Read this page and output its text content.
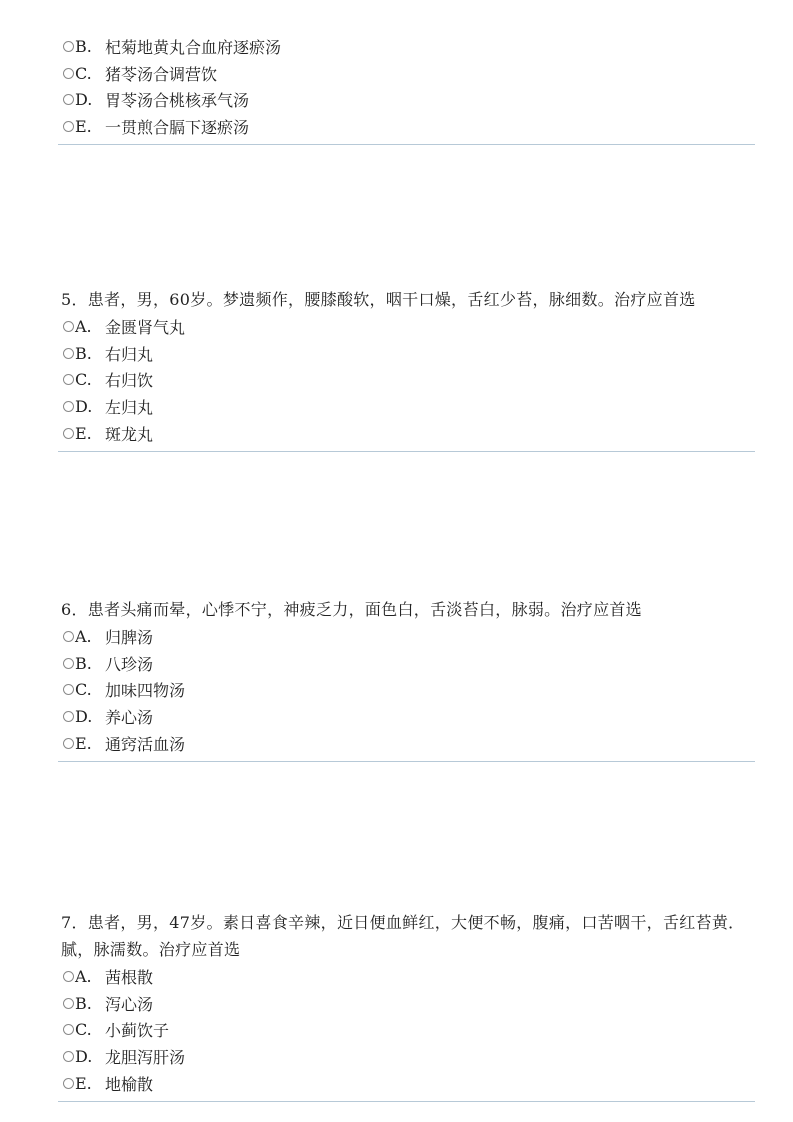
B. 杞菊地黄丸合血府逐瘀汤
C. 猪苓汤合调营饮
D. 胃苓汤合桃核承气汤
E. 一贯煎合膈下逐瘀汤
5．患者，男，60岁。梦遗频作，腰膝酸软，咽干口燥，舌红少苔，脉细数。治疗应首选
A. 金匮肾气丸
B. 右归丸
C. 右归饮
D. 左归丸
E. 斑龙丸
6．患者头痛而晕，心悸不宁，神疲乏力，面色白，舌淡苔白，脉弱。治疗应首选
A. 归脾汤
B. 八珍汤
C. 加味四物汤
D. 养心汤
E. 通窍活血汤
7．患者，男，47岁。素日喜食辛辣，近日便血鲜红，大便不畅，腹痛，口苦咽干，舌红苔黄．腻，脉濡数。治疗应首选
A. 茜根散
B. 泻心汤
C. 小蓟饮子
D. 龙胆泻肝汤
E. 地榆散
